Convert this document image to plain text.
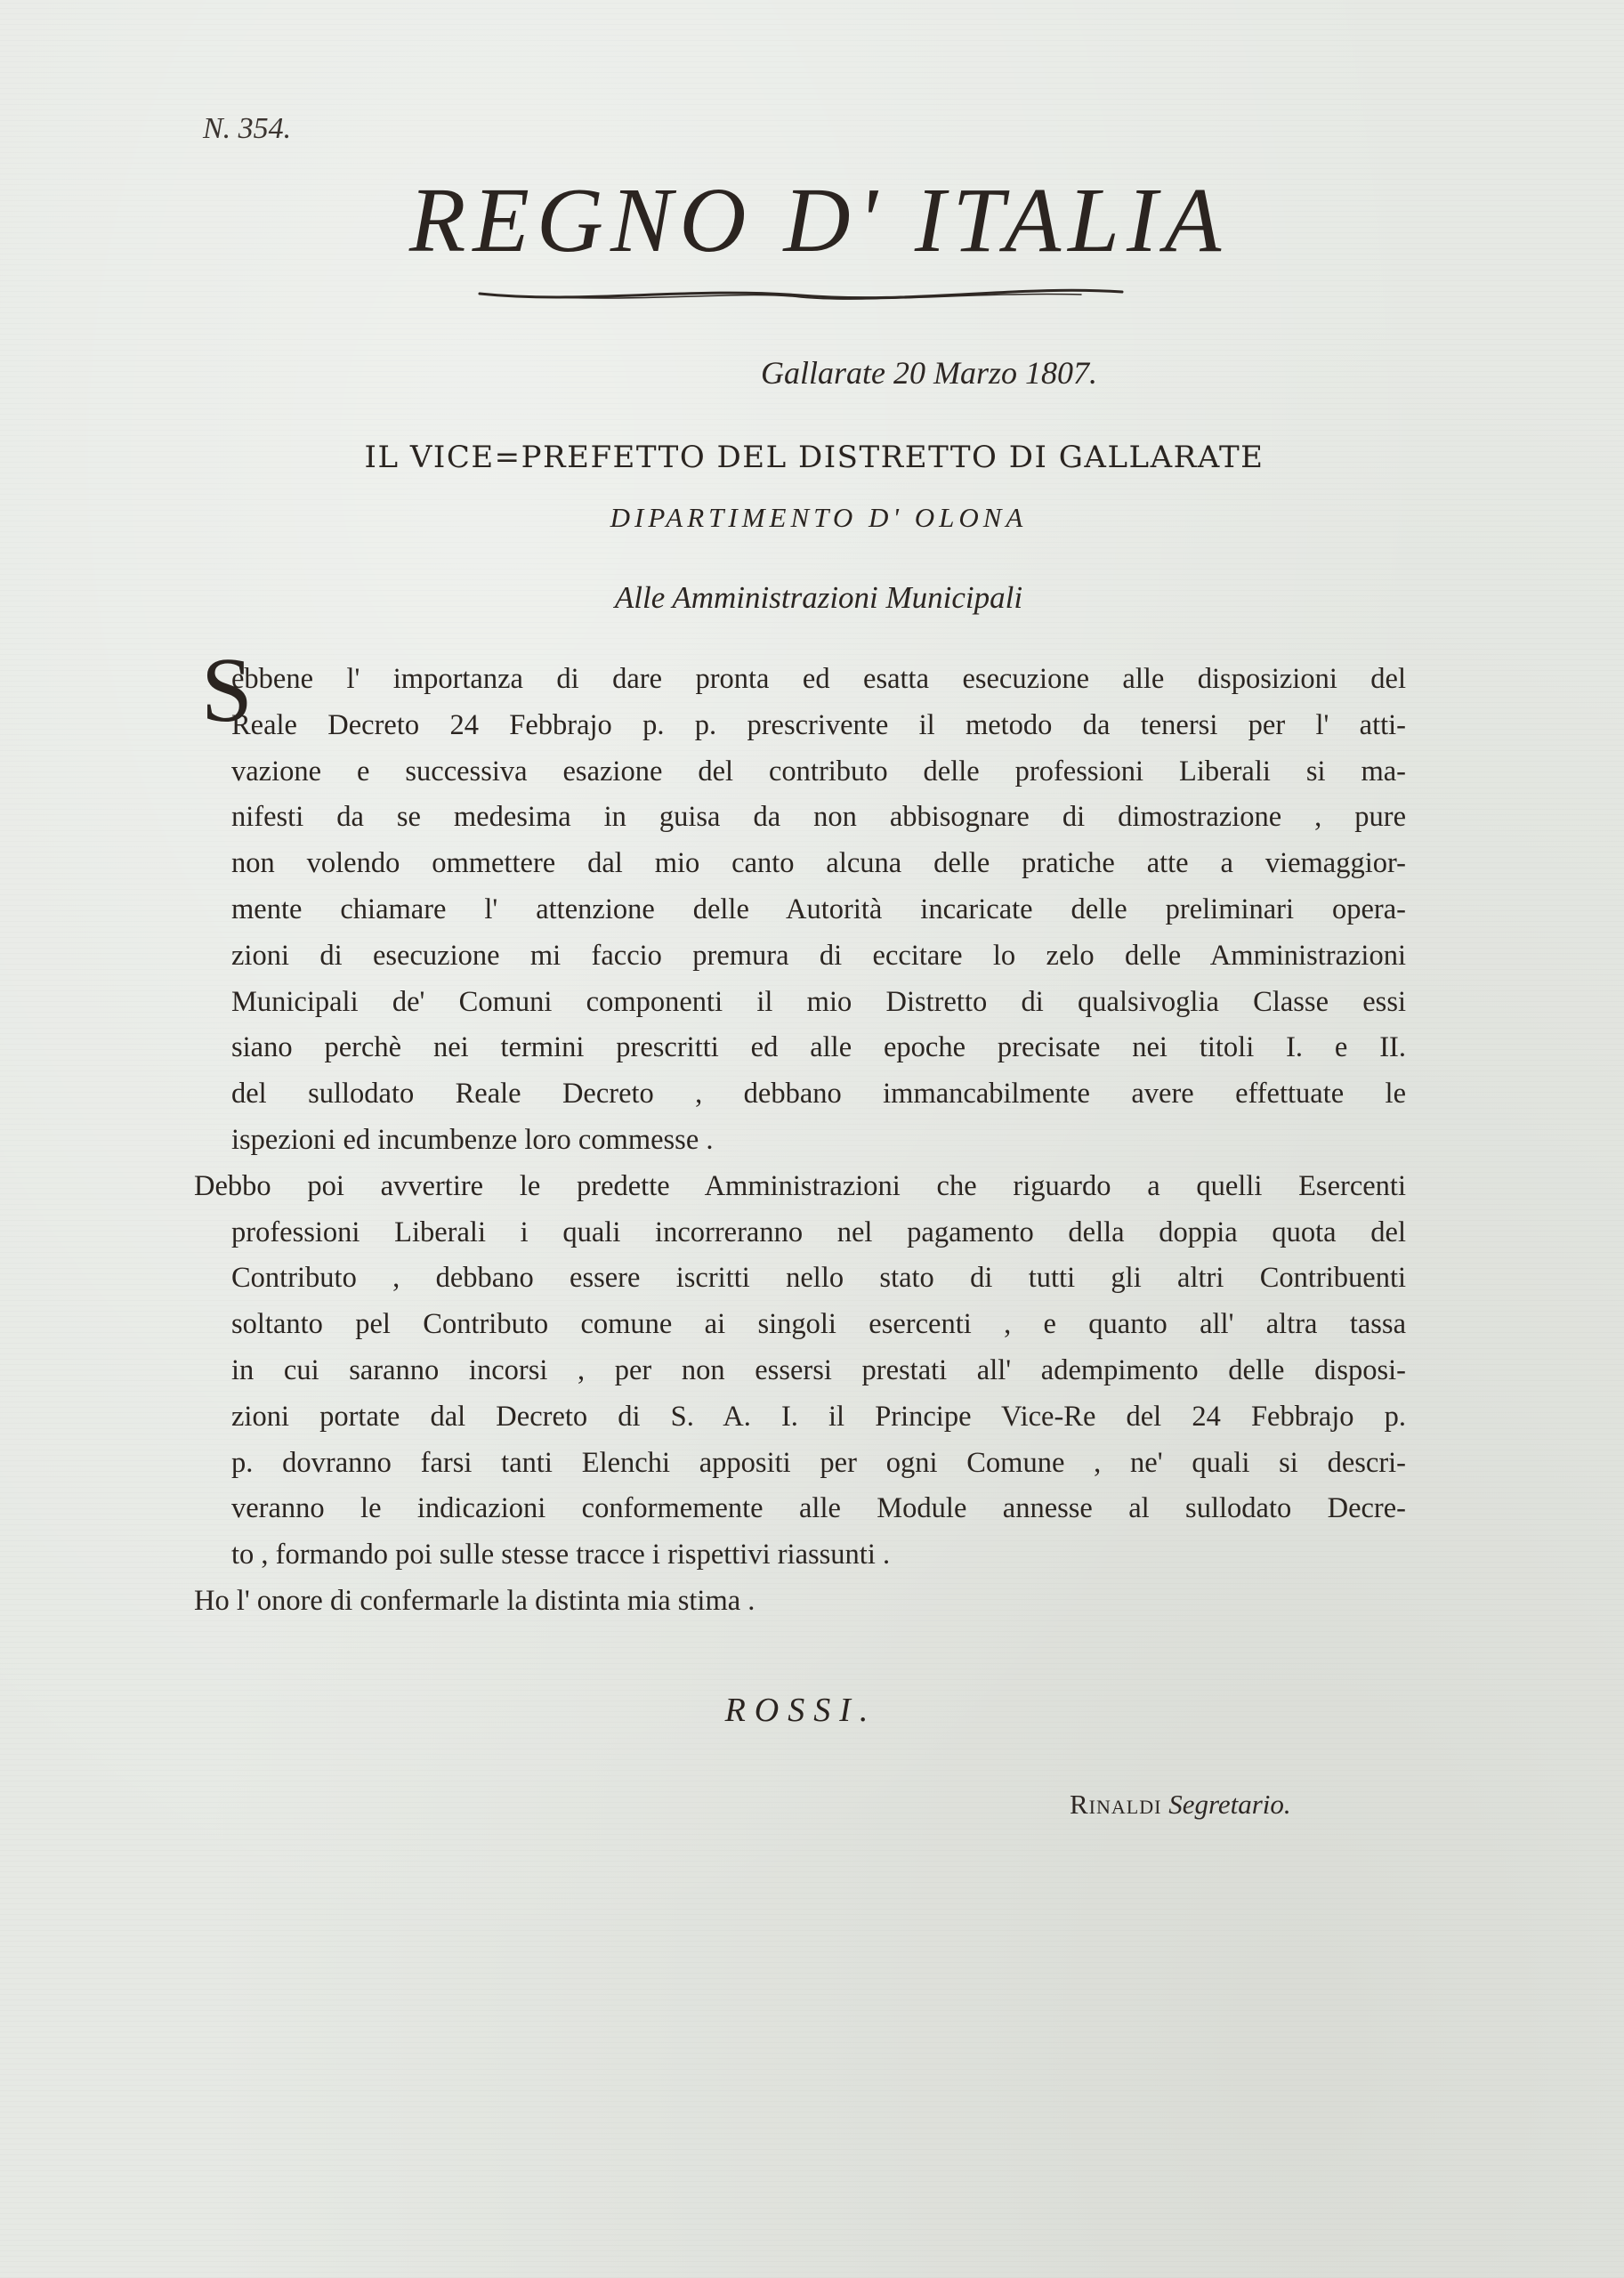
N. 354.
REGNO D' ITALIA
Gallarate 20 Marzo 1807.
IL VICE=PREFETTO DEL DISTRETTO DI GALLARATE
DIPARTIMENTO D' OLONA
Alle Amministrazioni Municipali
S
ebbene l' importanza di dare pronta ed esatta esecuzione alle disposizioni del
Reale Decreto 24 Febbrajo p. p. prescrivente il metodo da tenersi per l' atti-
vazione e successiva esazione del contributo delle professioni Liberali si ma-
nifesti da se medesima in guisa da non abbisognare di dimostrazione , pure
non volendo ommettere dal mio canto alcuna delle pratiche atte a viemaggior-
mente chiamare l' attenzione delle Autorità incaricate delle preliminari opera-
zioni di esecuzione mi faccio premura di eccitare lo zelo delle Amministrazioni
Municipali de' Comuni componenti il mio Distretto di qualsivoglia Classe essi
siano perchè nei termini prescritti ed alle epoche precisate nei titoli I. e II.
del sullodato Reale Decreto , debbano immancabilmente avere effettuate le
ispezioni ed incumbenze loro commesse .
Debbo poi avvertire le predette Amministrazioni che riguardo a quelli Esercenti
professioni Liberali i quali incorreranno nel pagamento della doppia quota del
Contributo , debbano essere iscritti nello stato di tutti gli altri Contribuenti
soltanto pel Contributo comune ai singoli esercenti , e quanto all' altra tassa
in cui saranno incorsi , per non essersi prestati all' adempimento delle disposi-
zioni portate dal Decreto di S. A. I. il Principe Vice-Re del 24 Febbrajo p.
p. dovranno farsi tanti Elenchi appositi per ogni Comune , ne' quali si descri-
veranno le indicazioni conformemente alle Module annesse al sullodato Decre-
to , formando poi sulle stesse tracce i rispettivi riassunti .
Ho l' onore di confermarle la distinta mia stima .
ROSSI.
Rinaldi Segretario.
